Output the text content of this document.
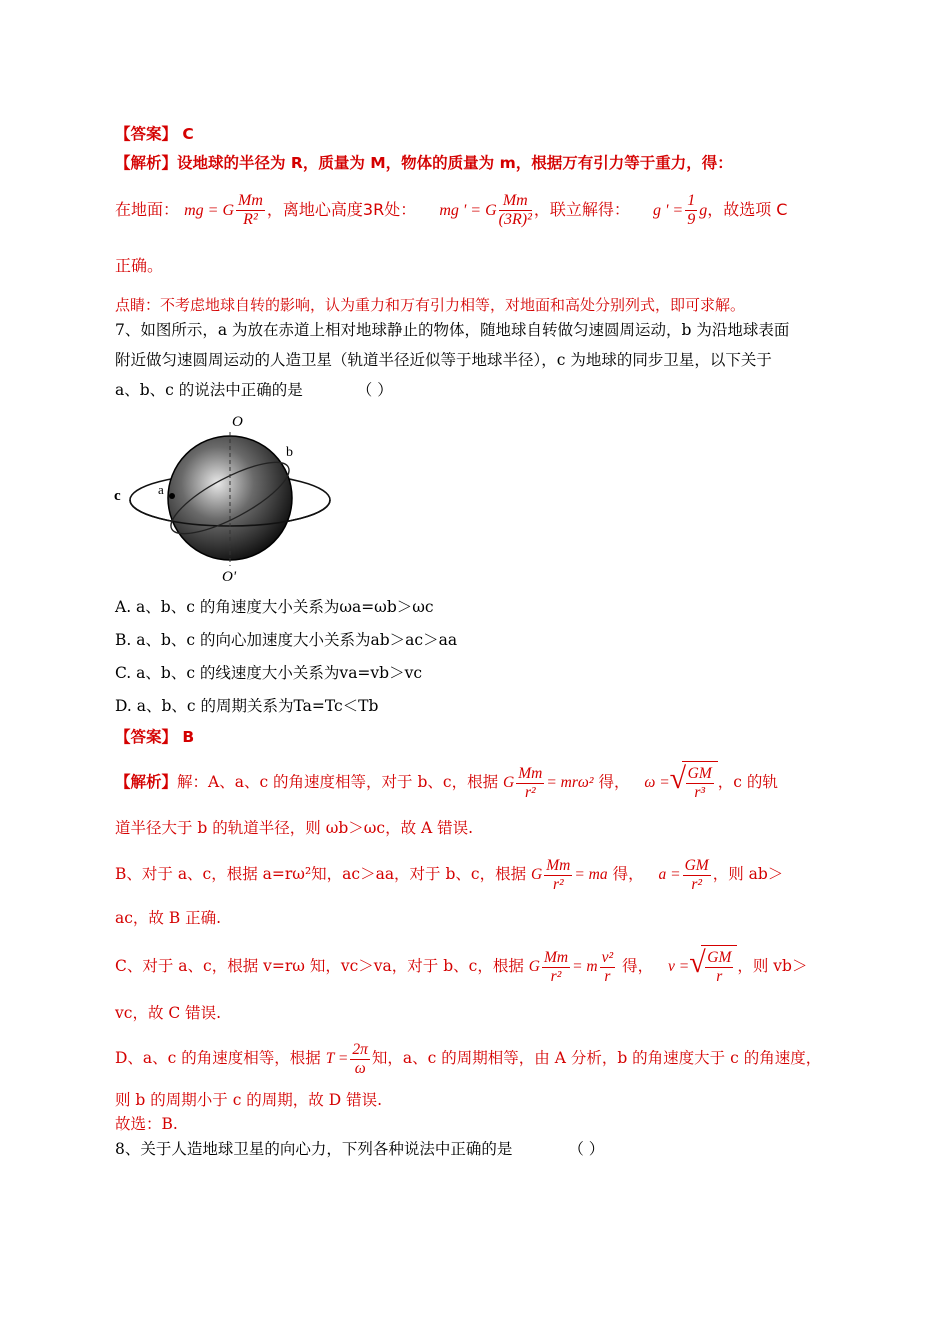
【答案】 C
【解析】设地球的半径为 R，质量为 M，物体的质量为 m，根据万有引力等于重力，得：
在地面： mg = G $\frac{Mm}{\text{R²}}$ ，离地心高度3R处： mg ' = G $\frac{Mm}{\text{(3R)²}}$ ，联立解得： g ' = $\frac{1}{9}$ g，故选项 C
正确。
点睛：不考虑地球自转的影响，认为重力和万有引力相等，对地面和高处分别列式，即可求解。
7、如图所示，a 为放在赤道上相对地球静止的物体，随地球自转做匀速圆周运动，b 为沿地球表面
附近做匀速圆周运动的人造卫星（轨道半径近似等于地球半径），c 为地球的同步卫星，以下关于
a、b、c 的说法中正确的是	（ ）
O
O'
b
a
c
A. a、b、c 的角速度大小关系为ωa=ωb＞ωc
B. a、b、c 的向心加速度大小关系为ab＞ac＞aa
C. a、b、c 的线速度大小关系为va=vb＞vc
D. a、b、c 的周期关系为Ta=Tc＜Tb
【答案】 B
【解析】解：A、a、c 的角速度相等，对于 b、c，根据 G $\frac{Mm}{\text{r²}} = mr\omega^2$ 得， ω = √ $\frac{GM}{\text{r³}}$ ，c 的轨
道半径大于 b 的轨道半径，则 ωb＞ωc，故 A 错误.
B、对于 a、c，根据 a=rω²知，ac＞aa，对于 b、c，根据 G $\frac{Mm}{\text{r²}}$ = ma 得， $a = \frac{GM}{\text{r²}}$ ，则 ab＞
ac，故 B 正确.
C、对于 a、c，根据 v=rω 知，vc＞va，对于 b、c，根据 G $\frac{Mm}{\text{r²}} = m \frac{\text{v²}}{r}$ 得， v = √ $\frac{GM}{r}$ ，则 vb＞
vc，故 C 错误.
D、a、c 的角速度相等，根据 $T = \frac{2\pi}{\omega}$ 知，a、c 的周期相等，由 A 分析，b 的角速度大于 c 的角速度，
则 b 的周期小于 c 的周期，故 D 错误.
故选：B.
8、关于人造地球卫星的向心力，下列各种说法中正确的是	（ ）
